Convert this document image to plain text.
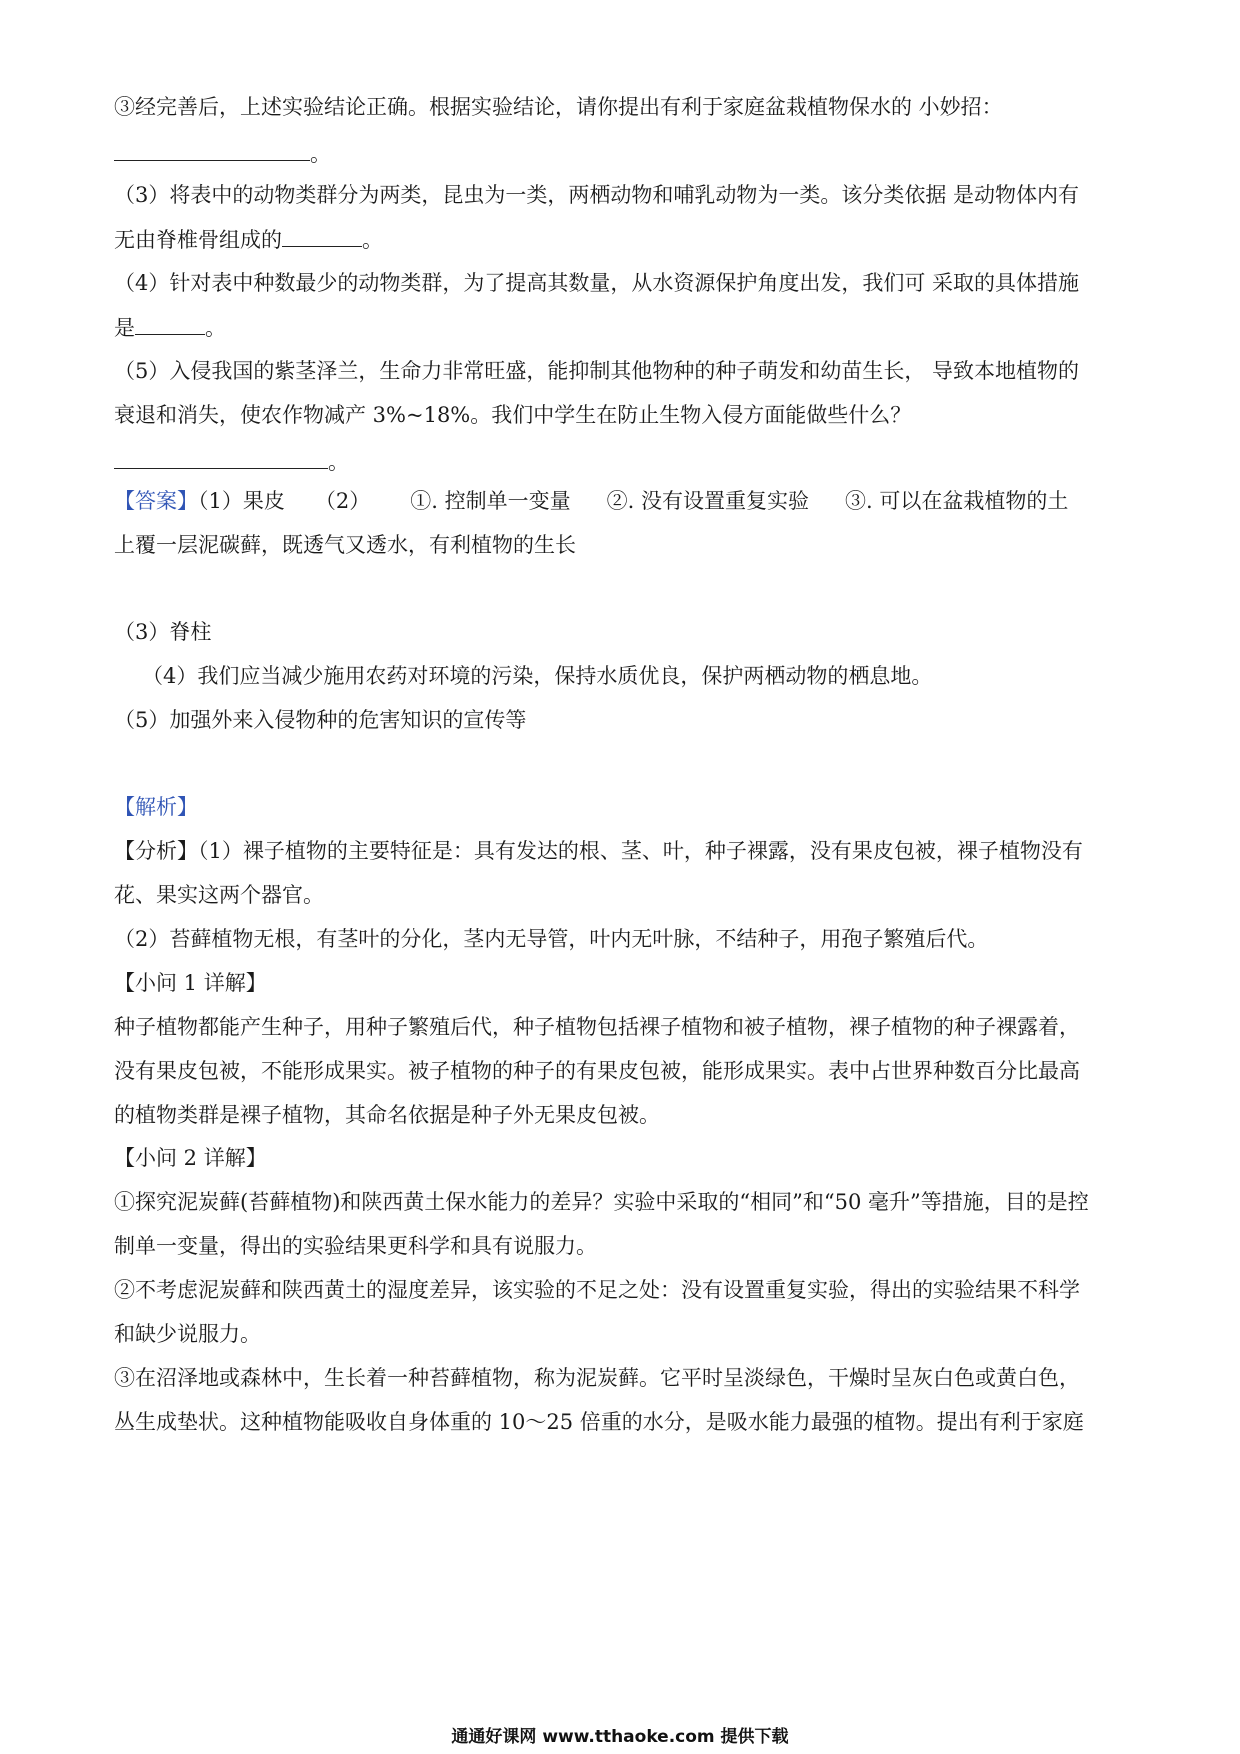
③经完善后，上述实验结论正确。根据实验结论，请你提出有利于家庭盆栽植物保水的 小妙招：
。
（3）将表中的动物类群分为两类，昆虫为一类，两栖动物和哺乳动物为一类。该分类依据 是动物体内有
无由脊椎骨组成的	。
（4）针对表中种数最少的动物类群，为了提高其数量，从水资源保护角度出发，我们可 采取的具体措施
是	。
（5）入侵我国的紫茎泽兰，生命力非常旺盛，能抑制其他物种的种子萌发和幼苗生长， 导致本地植物的
衰退和消失，使农作物减产 3%~18%。我们中学生在防止生物入侵方面能做些什么？
。
【答案】（1）果皮 （2） ①. 控制单一变量 ②. 没有设置重复实验 ③. 可以在盆栽植物的土
上覆一层泥碳藓，既透气又透水，有利植物的生长
（3）脊柱
（4）我们应当减少施用农药对环境的污染，保持水质优良，保护两栖动物的栖息地。
（5）加强外来入侵物种的危害知识的宣传等
【解析】
【分析】（1）裸子植物的主要特征是：具有发达的根、茎、叶，种子裸露，没有果皮包被，裸子植物没有
花、果实这两个器官。
（2）苔藓植物无根，有茎叶的分化，茎内无导管，叶内无叶脉，不结种子，用孢子繁殖后代。
【小问 1 详解】
种子植物都能产生种子，用种子繁殖后代，种子植物包括裸子植物和被子植物，裸子植物的种子裸露着，
没有果皮包被，不能形成果实。被子植物的种子的有果皮包被，能形成果实。表中占世界种数百分比最高
的植物类群是裸子植物，其命名依据是种子外无果皮包被。
【小问 2 详解】
①探究泥炭藓(苔藓植物)和陕西黄土保水能力的差异？实验中采取的“相同”和“50 毫升”等措施，目的是控
制单一变量，得出的实验结果更科学和具有说服力。
②不考虑泥炭藓和陕西黄土的湿度差异，该实验的不足之处：没有设置重复实验，得出的实验结果不科学
和缺少说服力。
③在沼泽地或森林中，生长着一种苔藓植物，称为泥炭藓。它平时呈淡绿色，干燥时呈灰白色或黄白色，
丛生成垫状。这种植物能吸收自身体重的 10～25 倍重的水分，是吸水能力最强的植物。提出有利于家庭
通通好课网 www.tthaoke.com 提供下载
